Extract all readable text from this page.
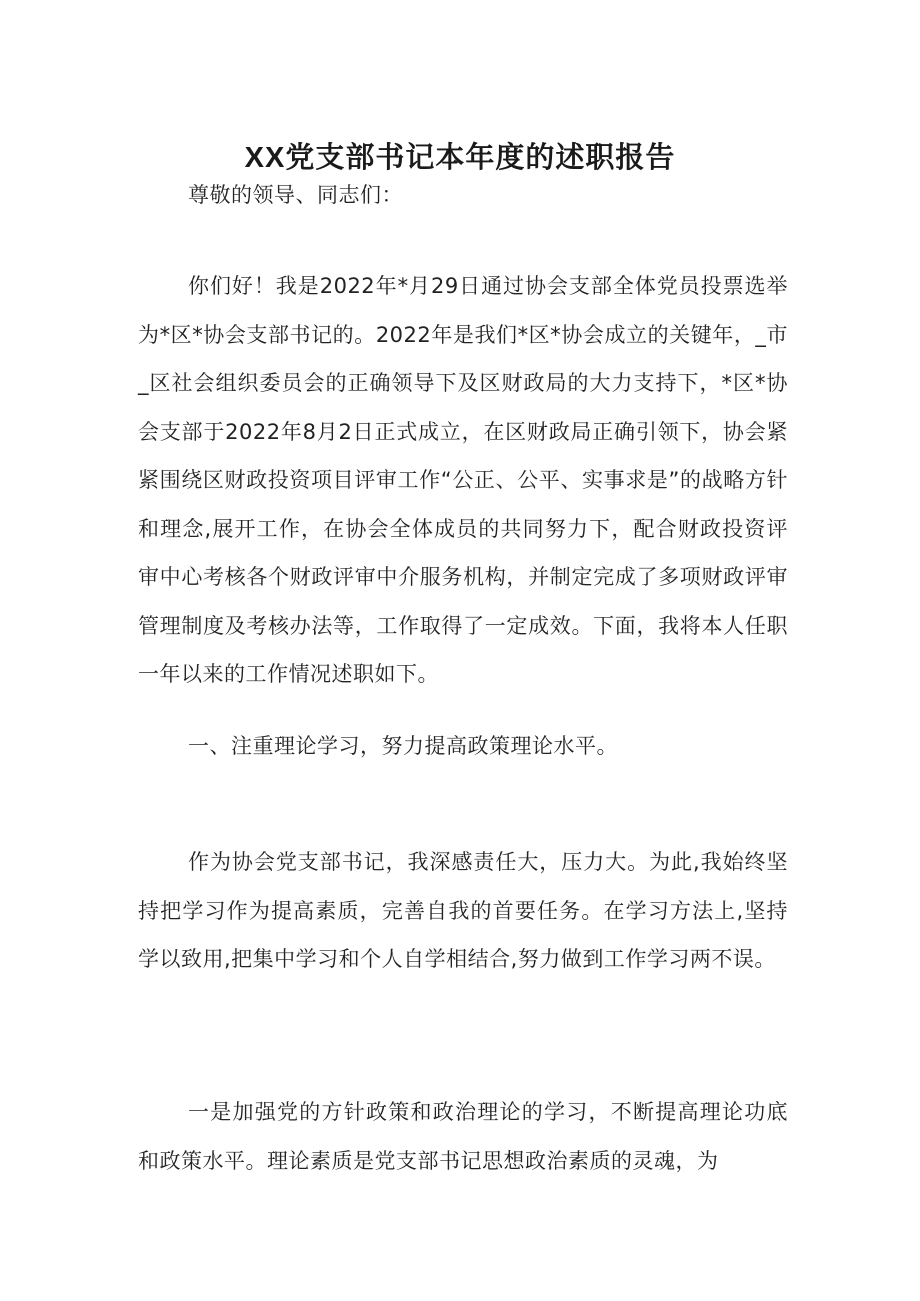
XX党支部书记本年度的述职报告

尊敬的领导、同志们：

你们好！我是2022年*月29日通过协会支部全体党员投票选举为*区*协会支部书记的。2022年是我们*区*协会成立的关键年，_市_区社会组织委员会的正确领导下及区财政局的大力支持下，*区*协会支部于2022年8月2日正式成立，在区财政局正确引领下，协会紧紧围绕区财政投资项目评审工作“公正、公平、实事求是”的战略方针和理念,展开工作，在协会全体成员的共同努力下，配合财政投资评审中心考核各个财政评审中介服务机构，并制定完成了多项财政评审管理制度及考核办法等，工作取得了一定成效。下面，我将本人任职一年以来的工作情况述职如下。

一、注重理论学习，努力提高政策理论水平。

作为协会党支部书记，我深感责任大，压力大。为此,我始终坚持把学习作为提高素质，完善自我的首要任务。在学习方法上,坚持学以致用,把集中学习和个人自学相结合,努力做到工作学习两不误。

一是加强党的方针政策和政治理论的学习，不断提高理论功底和政策水平。理论素质是党支部书记思想政治素质的灵魂，为
